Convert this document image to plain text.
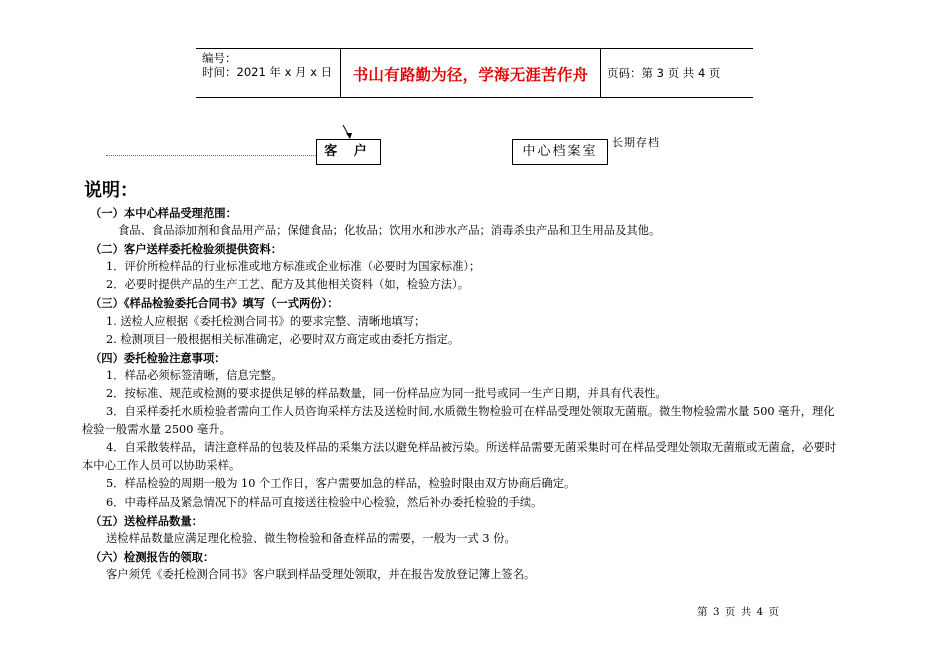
编号：
时间：2021 年 x 月 x 日	书山有路勤为径，学海无涯苦作舟	页码：第 3 页 共 4 页
客 户	中心档案室
长期存档
说明：

（一）本中心样品受理范围：

食品、食品添加剂和食品用产品；保健食品；化妆品；饮用水和涉水产品；消毒杀虫产品和卫生用品及其他。

（二）客户送样委托检验须提供资料：

1．评价所检样品的行业标准或地方标准或企业标准（必要时为国家标准）；

2．必要时提供产品的生产工艺、配方及其他相关资料（如，检验方法）。

（三）《样品检验委托合同书》填写（一式两份）：

1. 送检人应根据《委托检测合同书》的要求完整、清晰地填写；

2. 检测项目一般根据相关标准确定，必要时双方商定或由委托方指定。

（四）委托检验注意事项：

1．样品必须标签清晰，信息完整。

2．按标准、规范或检测的要求提供足够的样品数量，同一份样品应为同一批号或同一生产日期，并具有代表性。

3．自采样委托水质检验者需向工作人员咨询采样方法及送检时间,水质微生物检验可在样品受理处领取无菌瓶。微生物检验需水量 500 毫升，理化

检验一般需水量 2500 毫升。

4．自采散装样品，请注意样品的包装及样品的采集方法以避免样品被污染。所送样品需要无菌采集时可在样品受理处领取无菌瓶或无菌盒，必要时

本中心工作人员可以协助采样。

5．样品检验的周期一般为 10 个工作日，客户需要加急的样品，检验时限由双方协商后确定。

6．中毒样品及紧急情况下的样品可直接送往检验中心检验，然后补办委托检验的手续。

（五）送检样品数量：

送检样品数量应满足理化检验、微生物检验和备查样品的需要，一般为一式 3 份。

（六）检测报告的领取：

客户须凭《委托检测合同书》客户联到样品受理处领取，并在报告发放登记簿上签名。

第 3 页 共 4 页
